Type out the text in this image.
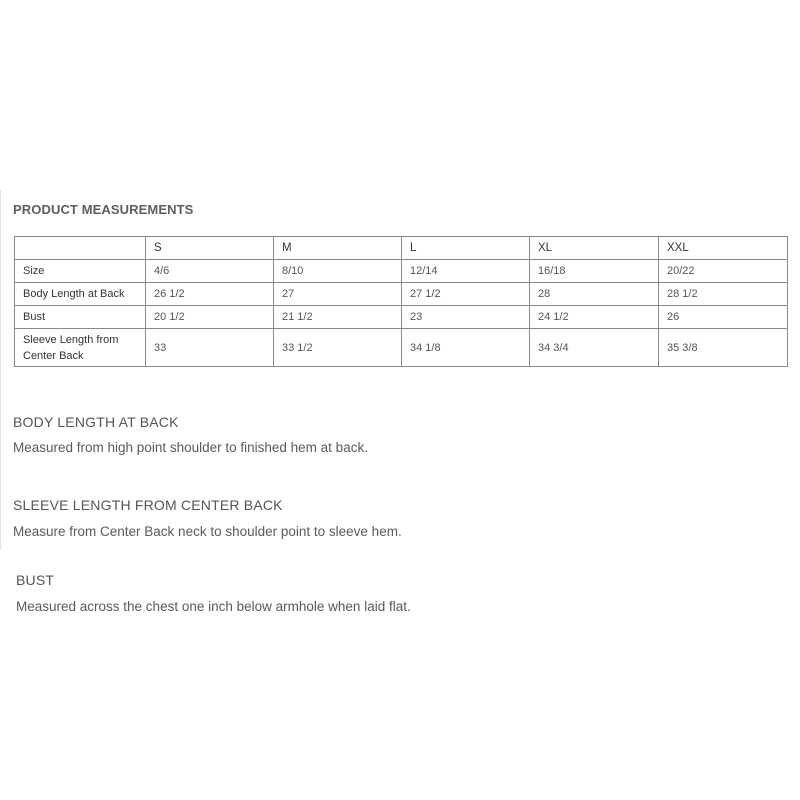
PRODUCT MEASUREMENTS
	S	M	L	XL	XXL
Size	4/6	8/10	12/14	16/18	20/22
Body Length at Back	26 1/2	27	27 1/2	28	28 1/2
Bust	20 1/2	21 1/2	23	24 1/2	26
Sleeve Length from Center Back	33	33 1/2	34 1/8	34 3/4	35 3/8
BODY LENGTH AT BACK
Measured from high point shoulder to finished hem at back.
SLEEVE LENGTH FROM CENTER BACK
Measure from Center Back neck to shoulder point to sleeve hem.
BUST
Measured across the chest one inch below armhole when laid flat.
